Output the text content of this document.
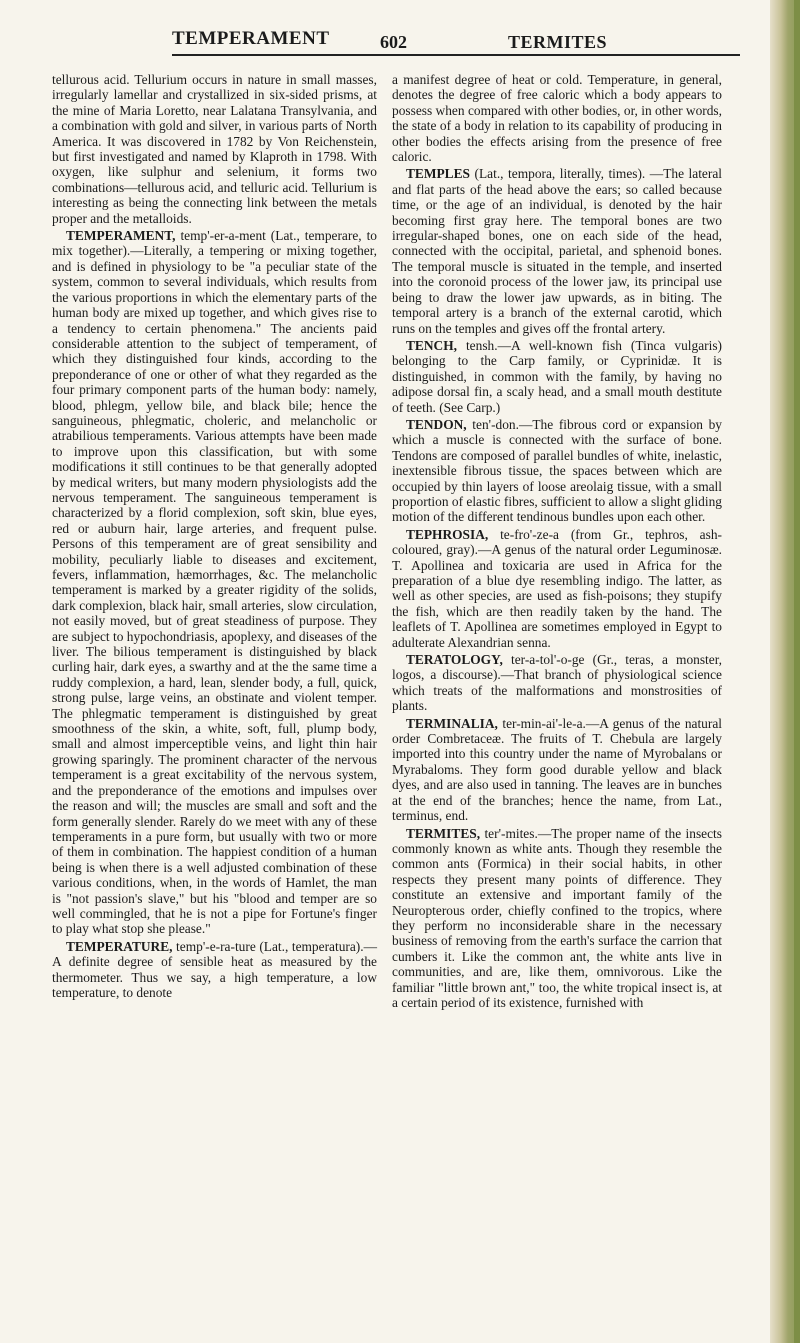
TEMPERAMENT	602	TERMITES

tellurous acid. Tellurium occurs in nature in small masses, irregularly lamellar and crystallized in six-sided prisms, at the mine of Maria Loretto, near Lalatana Transylvania, and a combination with gold and silver, in various parts of North America. It was discovered in 1782 by Von Reichenstein, but first investigated and named by Klaproth in 1798. With oxygen, like sulphur and selenium, it forms two combinations—tellurous acid, and telluric acid. Tellurium is interesting as being the connecting link between the metals proper and the metalloids.

TEMPERAMENT, temp'-er-a-ment (Lat., temperare, to mix together).—Literally, a tempering or mixing together, and is defined in physiology to be "a peculiar state of the system, common to several individuals, which results from the various proportions in which the elementary parts of the human body are mixed up together, and which gives rise to a tendency to certain phenomena." The ancients paid considerable attention to the subject of temperament, of which they distinguished four kinds, according to the preponderance of one or other of what they regarded as the four primary component parts of the human body: namely, blood, phlegm, yellow bile, and black bile; hence the sanguineous, phlegmatic, choleric, and melancholic or atrabilious temperaments. Various attempts have been made to improve upon this classification, but with some modifications it still continues to be that generally adopted by medical writers, but many modern physiologists add the nervous temperament. The sanguineous temperament is characterized by a florid complexion, soft skin, blue eyes, red or auburn hair, large arteries, and frequent pulse. Persons of this temperament are of great sensibility and mobility, peculiarly liable to diseases and excitement, fevers, inflammation, hæmorrhages, &c. The melancholic temperament is marked by a greater rigidity of the solids, dark complexion, black hair, small arteries, slow circulation, not easily moved, but of great steadiness of purpose. They are subject to hypochondriasis, apoplexy, and diseases of the liver. The bilious temperament is distinguished by black curling hair, dark eyes, a swarthy and at the the same time a ruddy complexion, a hard, lean, slender body, a full, quick, strong pulse, large veins, an obstinate and violent temper. The phlegmatic temperament is distinguished by great smoothness of the skin, a white, soft, full, plump body, small and almost imperceptible veins, and light thin hair growing sparingly. The prominent character of the nervous temperament is a great excitability of the nervous system, and the preponderance of the emotions and impulses over the reason and will; the muscles are small and soft and the form generally slender. Rarely do we meet with any of these temperaments in a pure form, but usually with two or more of them in combination. The happiest condition of a human being is when there is a well adjusted combination of these various conditions, when, in the words of Hamlet, the man is "not passion's slave," but his "blood and temper are so well commingled, that he is not a pipe for Fortune's finger to play what stop she please."

TEMPERATURE, temp'-e-ra-ture (Lat., temperatura).—A definite degree of sensible heat as measured by the thermometer. Thus we say, a high temperature, a low temperature, to denote

a manifest degree of heat or cold. Temperature, in general, denotes the degree of free caloric which a body appears to possess when compared with other bodies, or, in other words, the state of a body in relation to its capability of producing in other bodies the effects arising from the presence of free caloric.

TEMPLES (Lat., tempora, literally, times). —The lateral and flat parts of the head above the ears; so called because time, or the age of an individual, is denoted by the hair becoming first gray here. The temporal bones are two irregular-shaped bones, one on each side of the head, connected with the occipital, parietal, and sphenoid bones. The temporal muscle is situated in the temple, and inserted into the coronoid process of the lower jaw, its principal use being to draw the lower jaw upwards, as in biting. The temporal artery is a branch of the external carotid, which runs on the temples and gives off the frontal artery.

TENCH, tensh.—A well-known fish (Tinca vulgaris) belonging to the Carp family, or Cyprinidæ. It is distinguished, in common with the family, by having no adipose dorsal fin, a scaly head, and a small mouth destitute of teeth. (See Carp.)

TENDON, ten'-don.—The fibrous cord or expansion by which a muscle is connected with the surface of bone. Tendons are composed of parallel bundles of white, inelastic, inextensible fibrous tissue, the spaces between which are occupied by thin layers of loose areolaig tissue, with a small proportion of elastic fibres, sufficient to allow a slight gliding motion of the different tendinous bundles upon each other.

TEPHROSIA, te-fro'-ze-a (from Gr., tephros, ash-coloured, gray).—A genus of the natural order Leguminosæ. T. Apollinea and toxicaria are used in Africa for the preparation of a blue dye resembling indigo. The latter, as well as other species, are used as fish-poisons; they stupify the fish, which are then readily taken by the hand. The leaflets of T. Apollinea are sometimes employed in Egypt to adulterate Alexandrian senna.

TERATOLOGY, ter-a-tol'-o-ge (Gr., teras, a monster, logos, a discourse).—That branch of physiological science which treats of the malformations and monstrosities of plants.

TERMINALIA, ter-min-ai'-le-a.—A genus of the natural order Combretaceæ. The fruits of T. Chebula are largely imported into this country under the name of Myrobalans or Myrabaloms. They form good durable yellow and black dyes, and are also used in tanning. The leaves are in bunches at the end of the branches; hence the name, from Lat., terminus, end.

TERMITES, ter'-mites.—The proper name of the insects commonly known as white ants. Though they resemble the common ants (Formica) in their social habits, in other respects they present many points of difference. They constitute an extensive and important family of the Neuropterous order, chiefly confined to the tropics, where they perform no inconsiderable share in the necessary business of removing from the earth's surface the carrion that cumbers it. Like the common ant, the white ants live in communities, and are, like them, omnivorous. Like the familiar "little brown ant," too, the white tropical insect is, at a certain period of its existence, furnished with
